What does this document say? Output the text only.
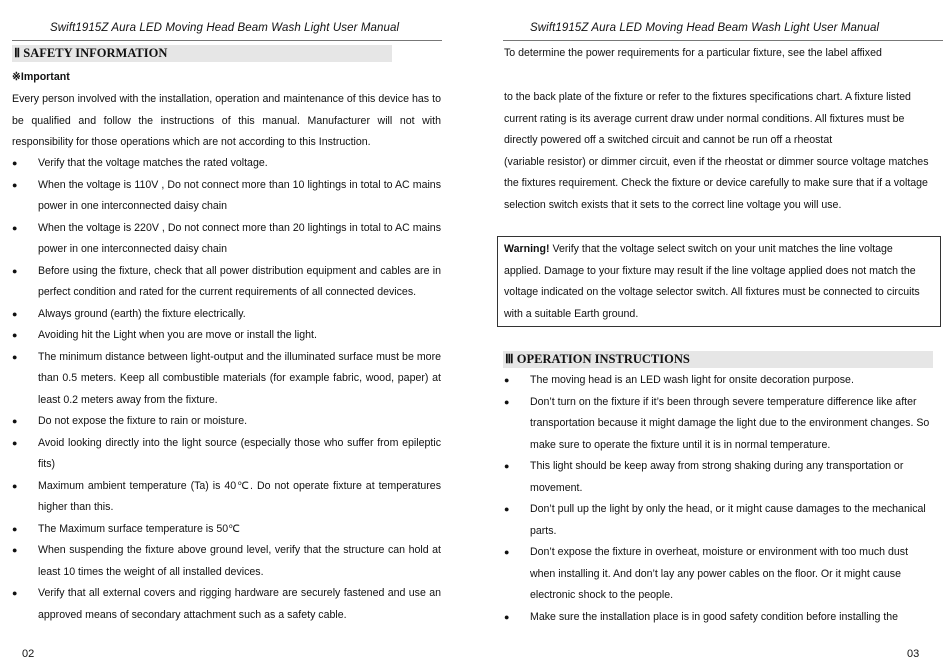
Swift1915Z Aura LED Moving Head Beam Wash Light User Manual
Ⅱ SAFETY INFORMATION
※Important
Every person involved with the installation, operation and maintenance of this device has to be qualified and follow the instructions of this manual. Manufacturer will not with responsibility for those operations which are not according to this Instruction.
● Verify that the voltage matches the rated voltage.
● When the voltage is 110V , Do not connect more than 10 lightings in total to AC mains power in one interconnected daisy chain
● When the voltage is 220V , Do not connect more than 20 lightings in total to AC mains power in one interconnected daisy chain
● Before using the fixture, check that all power distribution equipment and cables are in perfect condition and rated for the current requirements of all connected devices.
● Always ground (earth) the fixture electrically.
● Avoiding hit the Light when you are move or install the light.
● The minimum distance between light-output and the illuminated surface must be more than 0.5 meters. Keep all combustible materials (for example fabric, wood, paper) at least 0.2 meters away from the fixture.
● Do not expose the fixture to rain or moisture.
● Avoid looking directly into the light source (especially those who suffer from epileptic fits)
● Maximum ambient temperature (Ta) is 40℃. Do not operate fixture at temperatures higher than this.
● The Maximum surface temperature is 50℃
● When suspending the fixture above ground level, verify that the structure can hold at least 10 times the weight of all installed devices.
● Verify that all external covers and rigging hardware are securely fastened and use an approved means of secondary attachment such as a safety cable.
02
Swift1915Z Aura LED Moving Head Beam Wash Light User Manual
To determine the power requirements for a particular fixture, see the label affixed
to the back plate of the fixture or refer to the fixtures specifications chart. A fixture listed
current rating is its average current draw under normal conditions. All fixtures must be
directly powered off a switched circuit and cannot be run off a rheostat
(variable resistor) or dimmer circuit, even if the rheostat or dimmer source voltage matches
the fixtures requirement. Check the fixture or device carefully to make sure that if a voltage
selection switch exists that it sets to the correct line voltage you will use.
Warning! Verify that the voltage select switch on your unit matches the line voltage
applied. Damage to your fixture may result if the line voltage applied does not match the
voltage indicated on the voltage selector switch. All fixtures must be connected to circuits
with a suitable Earth ground.
Ⅲ OPERATION INSTRUCTIONS
● The moving head is an LED wash light for onsite decoration purpose.
● Don’t turn on the fixture if it’s been through severe temperature difference like after transportation because it might damage the light due to the environment changes. So make sure to operate the fixture until it is in normal temperature.
● This light should be keep away from strong shaking during any transportation or movement.
● Don’t pull up the light by only the head, or it might cause damages to the mechanical parts.
● Don’t expose the fixture in overheat, moisture or environment with too much dust when installing it. And don’t lay any power cables on the floor. Or it might cause electronic shock to the people.
● Make sure the installation place is in good safety condition before installing the
03
